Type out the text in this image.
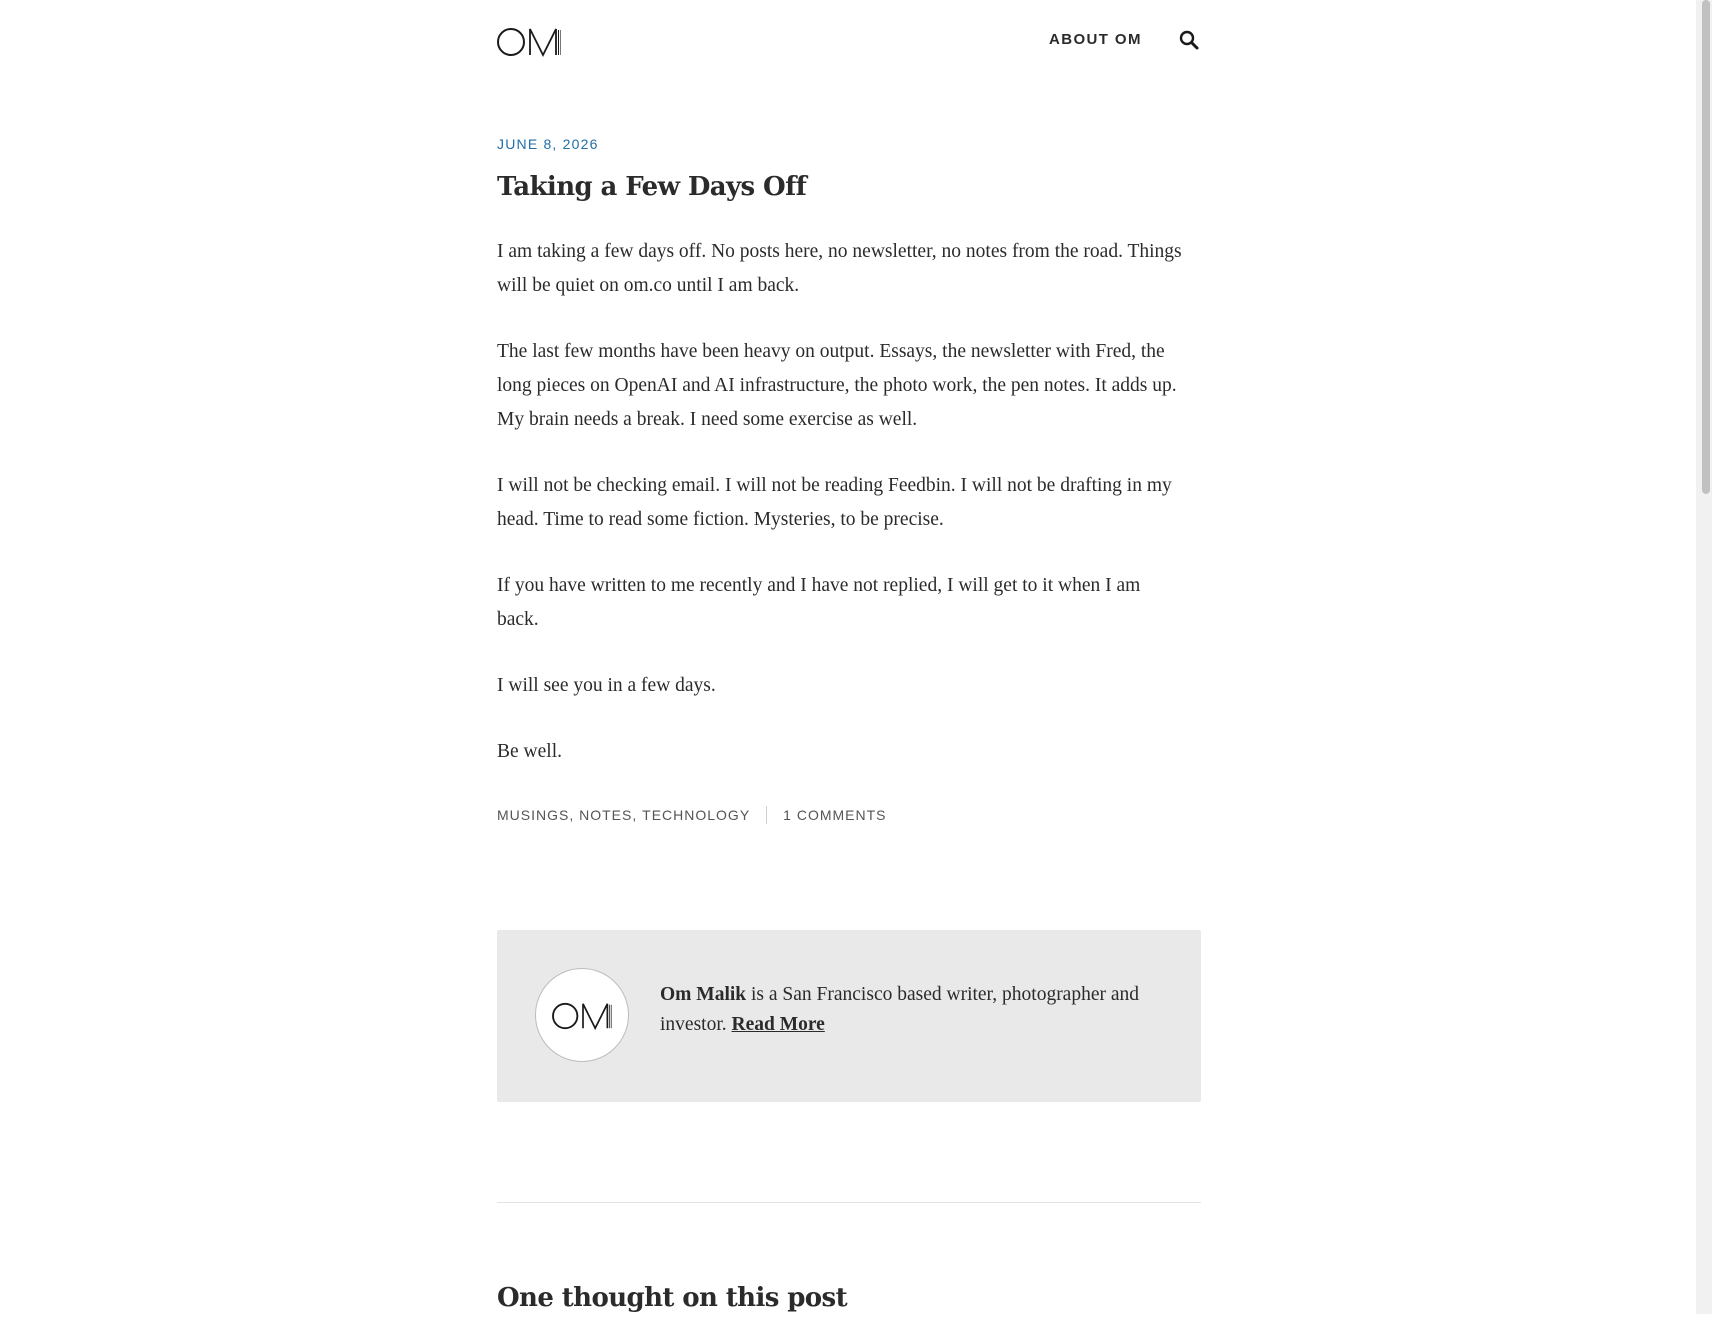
ABOUT OM
JUNE 8, 2026
Taking a Few Days Off

I am taking a few days off. No posts here, no newsletter, no notes from the road. Things will be quiet on om.co until I am back.

The last few months have been heavy on output. Essays, the newsletter with Fred, the long pieces on OpenAI and AI infrastructure, the photo work, the pen notes. It adds up. My brain needs a break. I need some exercise as well.

I will not be checking email. I will not be reading Feedbin. I will not be drafting in my head. Time to read some fiction. Mysteries, to be precise.

If you have written to me recently and I have not replied, I will get to it when I am back.

I will see you in a few days.

Be well.

MUSINGS , NOTES , TECHNOLOGY 1 COMMENTS
Om Malik is a San Francisco based writer, photographer and investor. Read More
One thought on this post
